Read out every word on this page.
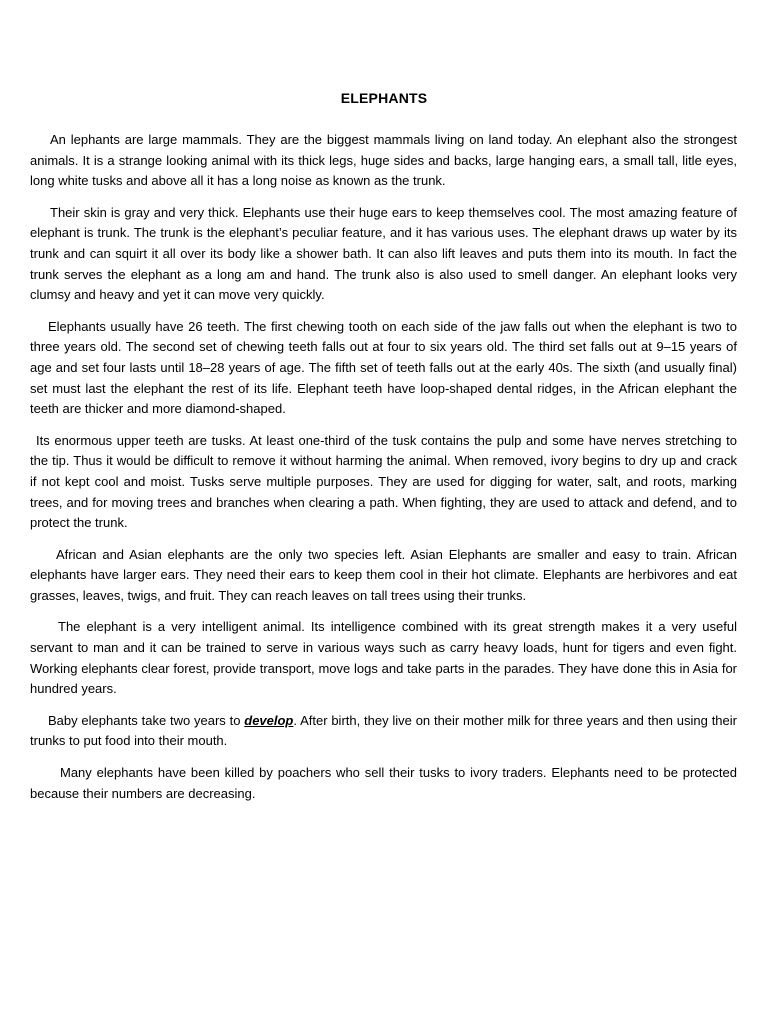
ELEPHANTS

An lephants are large mammals. They are the biggest mammals living on land today. An elephant also the strongest animals. It is a strange looking animal with its thick legs, huge sides and backs, large hanging ears, a small tall, litle eyes, long white tusks and above all it has a long noise as known as the trunk.

Their skin is gray and very thick. Elephants use their huge ears to keep themselves cool. The most amazing feature of elephant is trunk. The trunk is the elephant’s peculiar feature, and it has various uses. The elephant draws up water by its trunk and can squirt it all over its body like a shower bath. It can also lift leaves and puts them into its mouth. In fact the trunk serves the elephant as a long am and hand. The trunk also is also used to smell danger. An elephant looks very clumsy and heavy and yet it can move very quickly.

Elephants usually have 26 teeth. The first chewing tooth on each side of the jaw falls out when the elephant is two to three years old. The second set of chewing teeth falls out at four to six years old. The third set falls out at 9–15 years of age and set four lasts until 18–28 years of age. The fifth set of teeth falls out at the early 40s. The sixth (and usually final) set must last the elephant the rest of its life. Elephant teeth have loop-shaped dental ridges, in the African elephant the teeth are thicker and more diamond-shaped.

Its enormous upper teeth are tusks. At least one-third of the tusk contains the pulp and some have nerves stretching to the tip. Thus it would be difficult to remove it without harming the animal. When removed, ivory begins to dry up and crack if not kept cool and moist. Tusks serve multiple purposes. They are used for digging for water, salt, and roots, marking trees, and for moving trees and branches when clearing a path. When fighting, they are used to attack and defend, and to protect the trunk.

African and Asian elephants are the only two species left. Asian Elephants are smaller and easy to train. African elephants have larger ears. They need their ears to keep them cool in their hot climate. Elephants are herbivores and eat grasses, leaves, twigs, and fruit. They can reach leaves on tall trees using their trunks.

The elephant is a very intelligent animal. Its intelligence combined with its great strength makes it a very useful servant to man and it can be trained to serve in various ways such as carry heavy loads, hunt for tigers and even fight. Working elephants clear forest, provide transport, move logs and take parts in the parades. They have done this in Asia for hundred years.

Baby elephants take two years to develop. After birth, they live on their mother milk for three years and then using their trunks to put food into their mouth.

Many elephants have been killed by poachers who sell their tusks to ivory traders. Elephants need to be protected because their numbers are decreasing.
